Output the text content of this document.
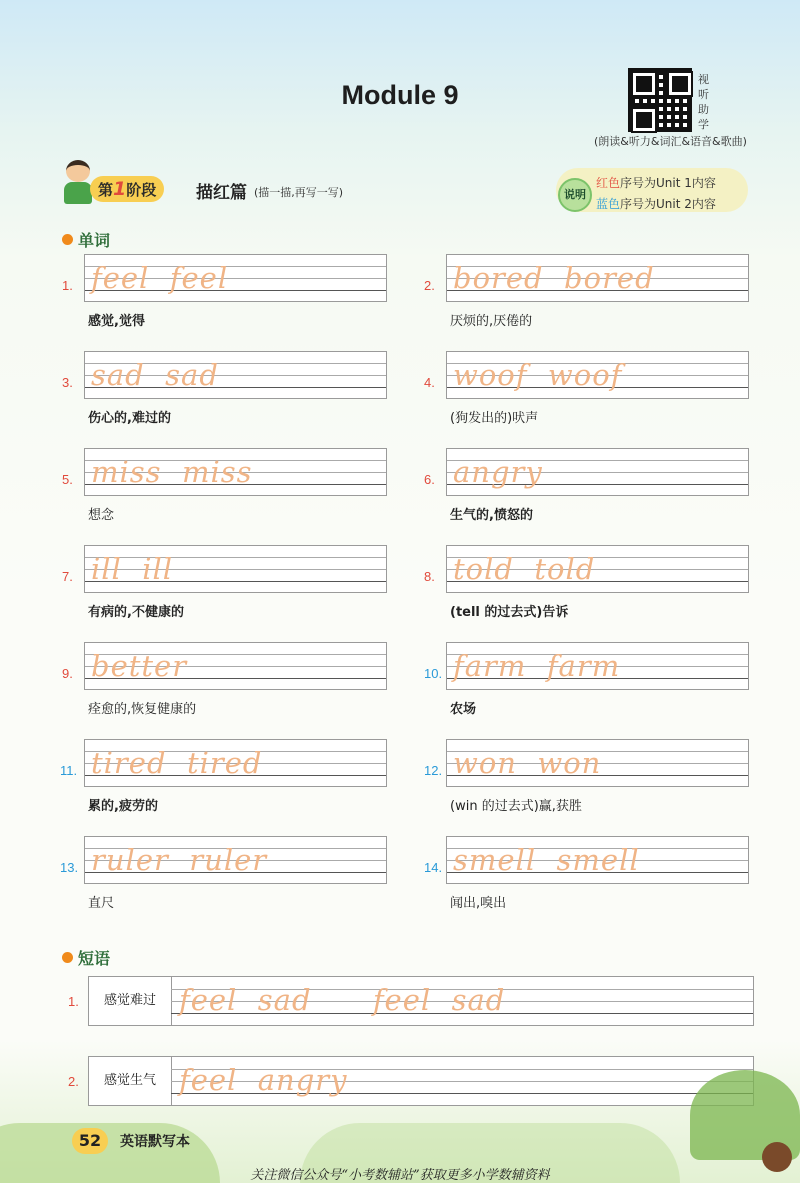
Module 9
视
听
助
学
(朗读&听力&词汇&语音&歌曲)
第1阶段	描红篇 (描一描,再写一写)	说明
红色序号为Unit 1内容
蓝色序号为Unit 2内容
单词
1. feel  feel
感觉,觉得
2. bored  bored
厌烦的,厌倦的
3. sad  sad
伤心的,难过的
4. woof  woof
(狗发出的)吠声
5. miss  miss
想念
6. angry
生气的,愤怒的
7. ill  ill
有病的,不健康的
8. told  told
(tell 的过去式)告诉
9. better
痊愈的,恢复健康的
10. farm  farm
农场
11. tired  tired
累的,疲劳的
12. won  won
(win 的过去式)赢,获胜
13. ruler  ruler
直尺
14. smell  smell
闻出,嗅出
短语
1.	感觉难过 feel  sad      feel  sad
2.	感觉生气 feel  angry
52	英语默写本
关注微信公众号“小考数辅站”获取更多小学数辅资料
